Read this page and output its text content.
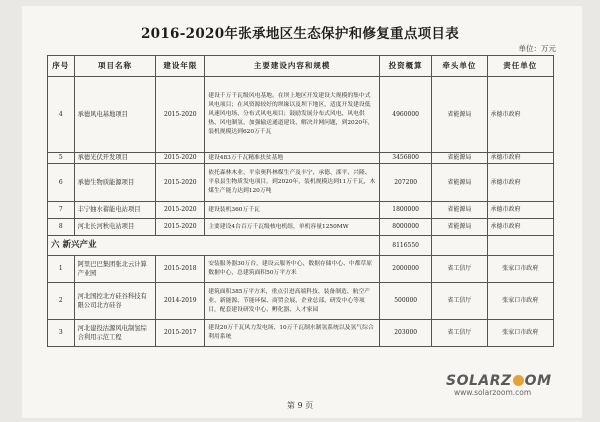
2016-2020年张承地区生态保护和修复重点项目表
单位：万元
序号	项目名称	建设年限	主要建设内容和规模	投资概算	牵头单位	责任单位
4	承德风电基地项目	2015-2020	建设千万千瓦级风电基地。在坝上地区开发建设大规模的集中式风电项目；在风资源较好的坝缘以及坝下地区，适度开发建设低风速风电场、分布式风电项目；鼓励发展分布式风电、风电供热、风电制氢、加强输送通道建设、解决并网问题，到2020年，装机规模达到620万千瓦	4960000	省能源局	承德市政府
5	承德光伏开发项目	2015-2020	建设483万千瓦精准扶贫基地	3456800	省能源局	承德市政府
6	承德生物质能源项目	2015-2020	依托森林木业、平泉奥科林煤生产及丰宁、承德、滦平、兴隆、平泉县生物质发电项目，到2020年，装机规模达到11万千瓦，木煤生产能力达到120万吨	207200	省能源局	承德市政府
7	丰宁抽水蓄能电站项目	2015-2020	建设装机360万千瓦	1800000	省能源局	承德市政府
8	河北长河秋电站项目	2015-2020	主要建设4台百万千瓦级核电机组，单机容量1250MW	8000000	省能源局	承德市政府
六 新兴产业				8116550		
1	阿里巴巴集团张北云计算产业园	2015-2018	安装服务器30万台，建设云服务中心、数据存储中心、中都草原数据中心，总建筑面积50万平方米	2000000	省工信厅	张家口市政府
2	河北国控北方硅谷科技有限公司北方硅谷	2014-2019	建筑面积385万平方米，重点引进高端科技、装备制造、航空产业、新能源、节能环保、商贸会展、企业总部、研发中心等项目，配套建设研发中心、孵化器、人才家园	500000	省工信厅	张家口市政府
3	河北建投沽源风电制氢综合利用示范工程	2015-2017	建设20万千瓦风力发电场、10万千瓦制水制氢系统以及氢气综合利用系统	203000	省工信厅	张家口市政府
SOLARZ OM
www.solarzoom.com
第 9 页
